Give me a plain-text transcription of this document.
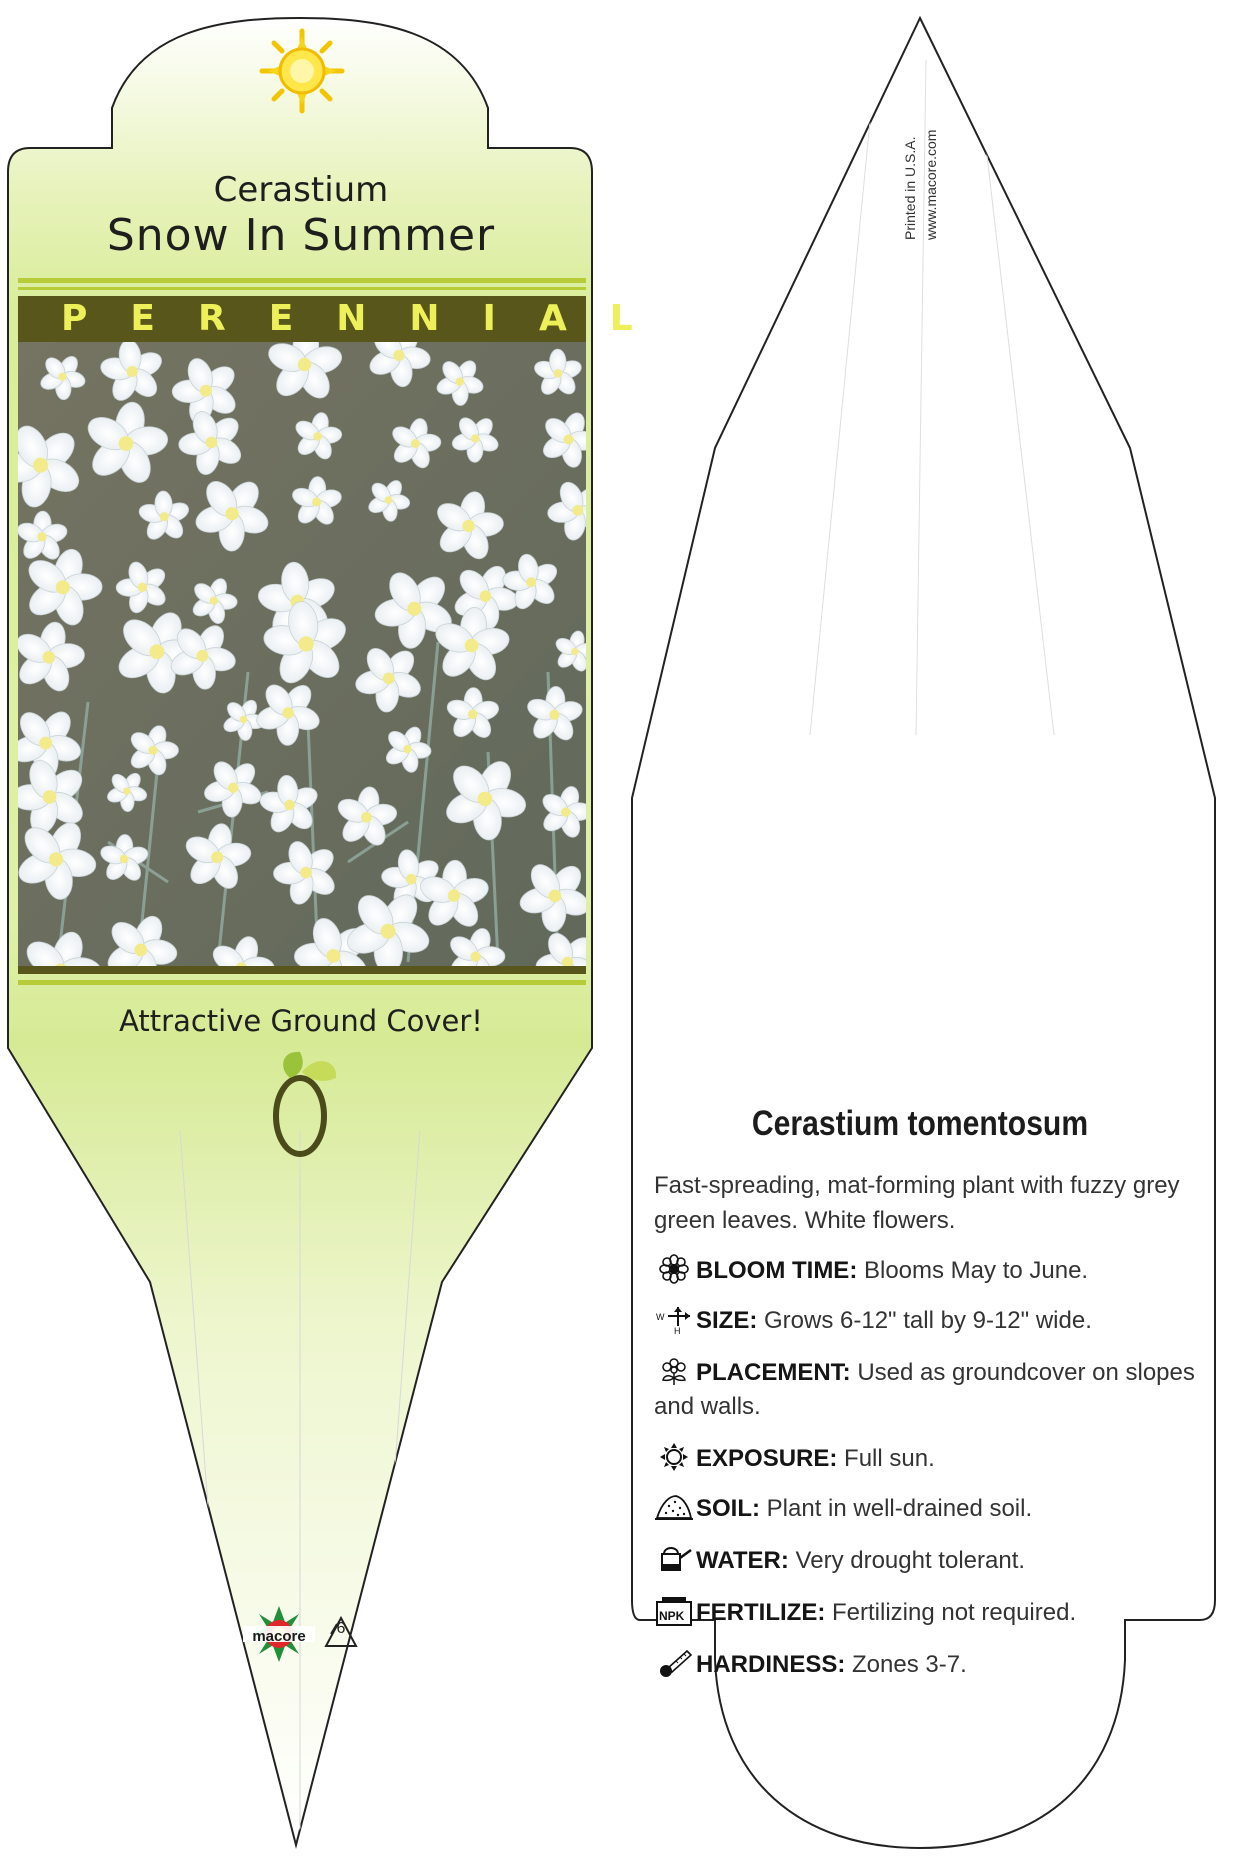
Cerastium
Snow In Summer
PERENNIAL
Attractive Ground Cover!
macore	6
Printed in U.S.A. www.macore.com
Cerastium tomentosum
Fast-spreading, mat-forming plant with fuzzy grey green leaves. White flowers.
BLOOM TIME: Blooms May to June.
W
H SIZE: Grows 6-12" tall by 9-12" wide.
PLACEMENT: Used as groundcover on slopes and walls.
EXPOSURE: Full sun.
SOIL: Plant in well-drained soil.
WATER: Very drought tolerant.
NPK FERTILIZE: Fertilizing not required.
HARDINESS: Zones 3-7.
